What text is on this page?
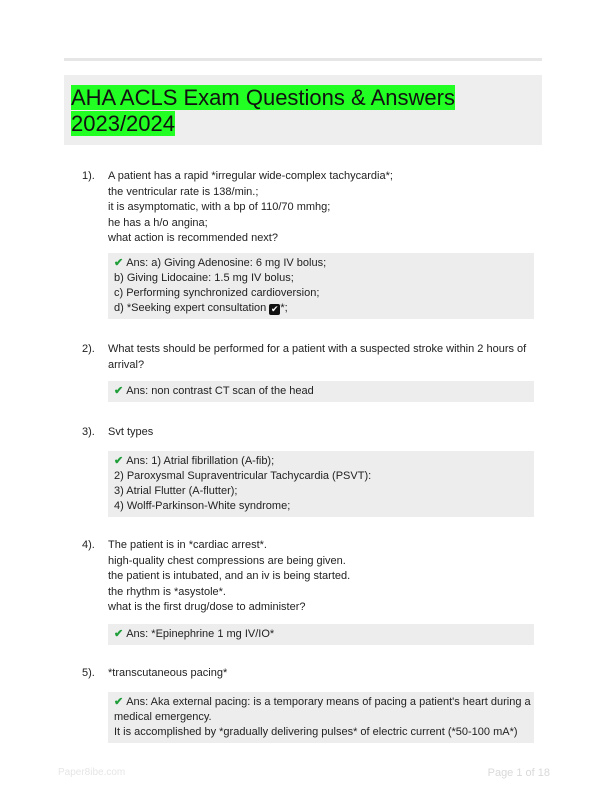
AHA ACLS Exam Questions & Answers 2023/2024
1). A patient has a rapid *irregular wide-complex tachycardia*;
the ventricular rate is 138/min.;
it is asymptomatic, with a bp of 110/70 mmhg;
he has a h/o angina;
what action is recommended next?
✔ Ans: a) Giving Adenosine: 6 mg IV bolus;
b) Giving Lidocaine: 1.5 mg IV bolus;
c) Performing synchronized cardioversion;
d) *Seeking expert consultation ✔ *;
2). What tests should be performed for a patient with a suspected stroke within 2 hours of
arrival?
✔ Ans: non contrast CT scan of the head
3). Svt types
✔ Ans: 1) Atrial fibrillation (A-fib);
2) Paroxysmal Supraventricular Tachycardia (PSVT):
3) Atrial Flutter (A-flutter);
4) Wolff-Parkinson-White syndrome;
4). The patient is in *cardiac arrest*.
high-quality chest compressions are being given.
the patient is intubated, and an iv is being started.
the rhythm is *asystole*.
what is the first drug/dose to administer?
✔ Ans: *Epinephrine 1 mg IV/IO*
5). *transcutaneous pacing*
✔ Ans: Aka external pacing: is a temporary means of pacing a patient's heart during a
medical emergency.
It is accomplished by *gradually delivering pulses* of electric current (*50-100 mA*)
Paper8ibe.com	Page 1 of 18
